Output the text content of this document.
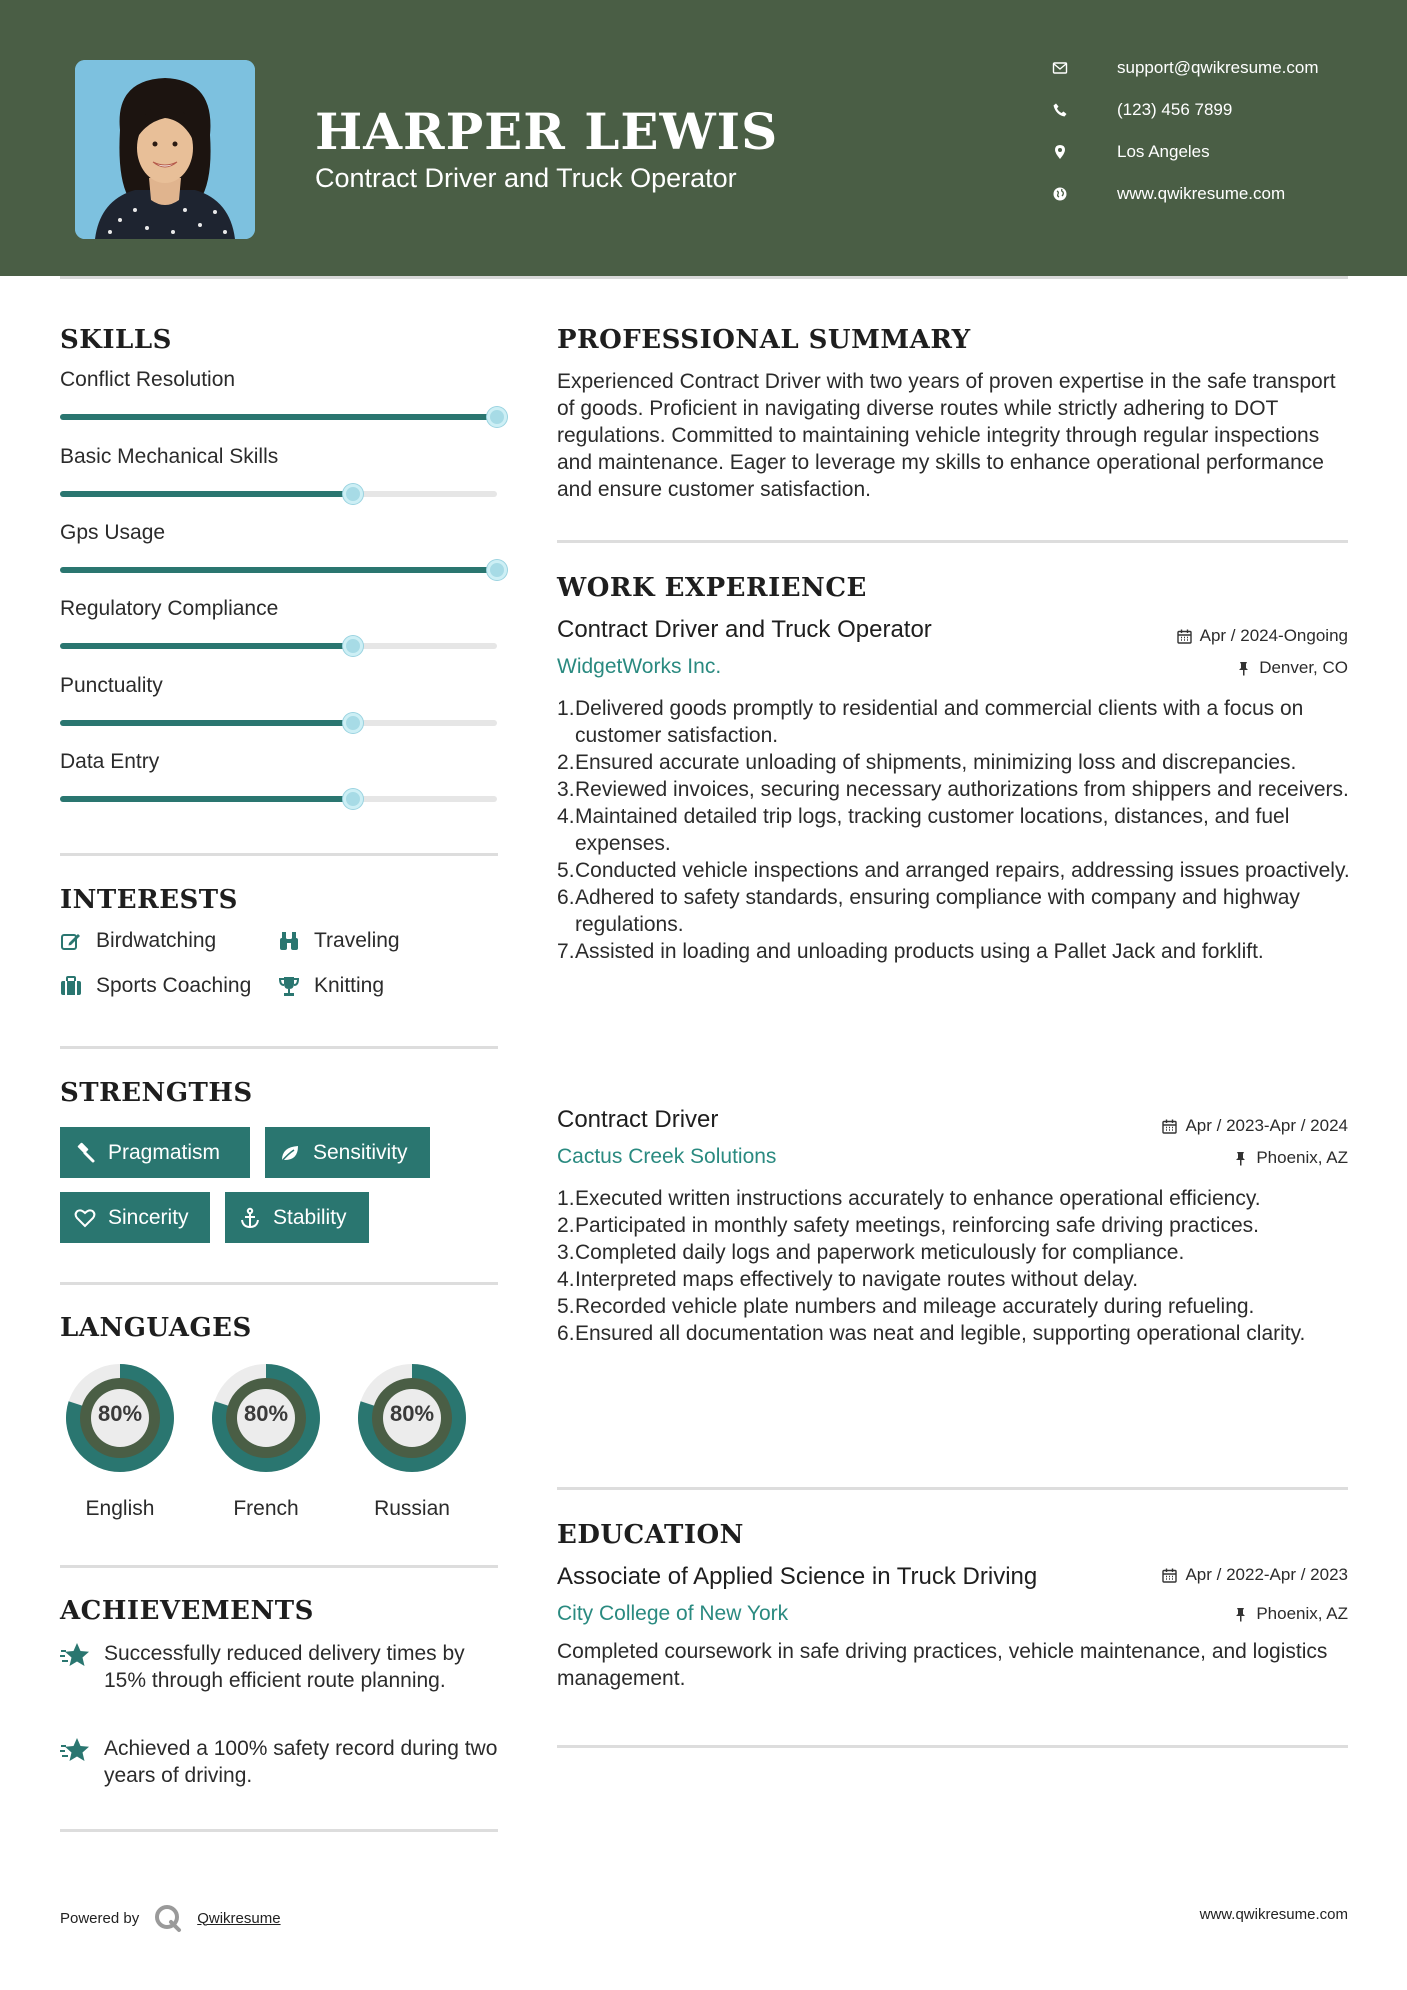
HARPER LEWIS
Contract Driver and Truck Operator
support@qwikresume.com
(123) 456 7899
Los Angeles
www.qwikresume.com
SKILLS
Conflict Resolution
Basic Mechanical Skills
Gps Usage
Regulatory Compliance
Punctuality
Data Entry
INTERESTS
Birdwatching	Traveling
Sports Coaching	Knitting
STRENGTHS
Pragmatism	Sensitivity
Sincerity	Stability
LANGUAGES
80%
English
80%
French
80%
Russian
ACHIEVEMENTS
Successfully reduced delivery times by 15% through efficient route planning.
Achieved a 100% safety record during two years of driving.
PROFESSIONAL SUMMARY
Experienced Contract Driver with two years of proven expertise in the safe transport of goods. Proficient in navigating diverse routes while strictly adhering to DOT regulations. Committed to maintaining vehicle integrity through regular inspections and maintenance. Eager to leverage my skills to enhance operational performance and ensure customer satisfaction.
WORK EXPERIENCE
Contract Driver and Truck Operator	Apr / 2024-Ongoing
WidgetWorks Inc.	Denver, CO
Delivered goods promptly to residential and commercial clients with a focus on customer satisfaction.
Ensured accurate unloading of shipments, minimizing loss and discrepancies.
Reviewed invoices, securing necessary authorizations from shippers and receivers.
Maintained detailed trip logs, tracking customer locations, distances, and fuel expenses.
Conducted vehicle inspections and arranged repairs, addressing issues proactively.
Adhered to safety standards, ensuring compliance with company and highway regulations.
Assisted in loading and unloading products using a Pallet Jack and forklift.
Contract Driver	Apr / 2023-Apr / 2024
Cactus Creek Solutions	Phoenix, AZ
Executed written instructions accurately to enhance operational efficiency.
Participated in monthly safety meetings, reinforcing safe driving practices.
Completed daily logs and paperwork meticulously for compliance.
Interpreted maps effectively to navigate routes without delay.
Recorded vehicle plate numbers and mileage accurately during refueling.
Ensured all documentation was neat and legible, supporting operational clarity.
EDUCATION
Associate of Applied Science in Truck Driving	Apr / 2022-Apr / 2023
City College of New York	Phoenix, AZ
Completed coursework in safe driving practices, vehicle maintenance, and logistics management.
Powered by	Qwikresume	www.qwikresume.com
